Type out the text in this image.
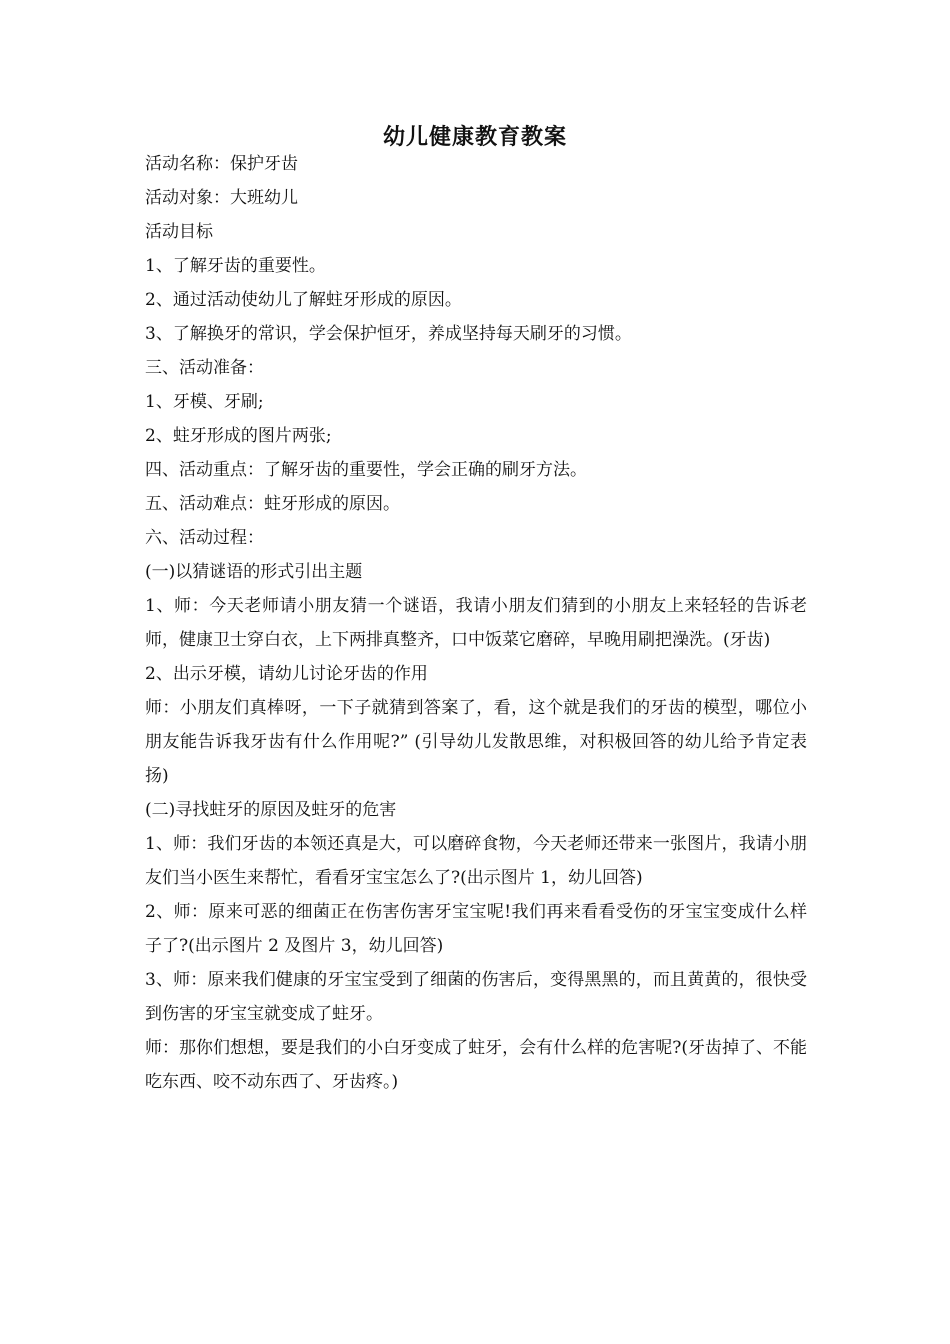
幼儿健康教育教案

活动名称：保护牙齿

活动对象：大班幼儿

活动目标

1、了解牙齿的重要性。

2、通过活动使幼儿了解蛀牙形成的原因。

3、了解换牙的常识，学会保护恒牙，养成坚持每天刷牙的习惯。

三、活动准备：

1、牙模、牙刷;

2、蛀牙形成的图片两张;

四、活动重点：了解牙齿的重要性，学会正确的刷牙方法。

五、活动难点：蛀牙形成的原因。

六、活动过程：

(一)以猜谜语的形式引出主题

1、师：今天老师请小朋友猜一个谜语，我请小朋友们猜到的小朋友上来轻轻的告诉老师，健康卫士穿白衣，上下两排真整齐，口中饭菜它磨碎，早晚用刷把澡洗。(牙齿)

2、出示牙模，请幼儿讨论牙齿的作用

师：小朋友们真棒呀，一下子就猜到答案了，看，这个就是我们的牙齿的模型，哪位小朋友能告诉我牙齿有什么作用呢?” (引导幼儿发散思维，对积极回答的幼儿给予肯定表扬)

(二)寻找蛀牙的原因及蛀牙的危害

1、师：我们牙齿的本领还真是大，可以磨碎食物，今天老师还带来一张图片，我请小朋友们当小医生来帮忙，看看牙宝宝怎么了?(出示图片 1，幼儿回答)

2、师：原来可恶的细菌正在伤害伤害牙宝宝呢!我们再来看看受伤的牙宝宝变成什么样子了?(出示图片 2 及图片 3，幼儿回答)

3、师：原来我们健康的牙宝宝受到了细菌的伤害后，变得黑黑的，而且黄黄的，很快受到伤害的牙宝宝就变成了蛀牙。

师：那你们想想，要是我们的小白牙变成了蛀牙，会有什么样的危害呢?(牙齿掉了、不能吃东西、咬不动东西了、牙齿疼。)
